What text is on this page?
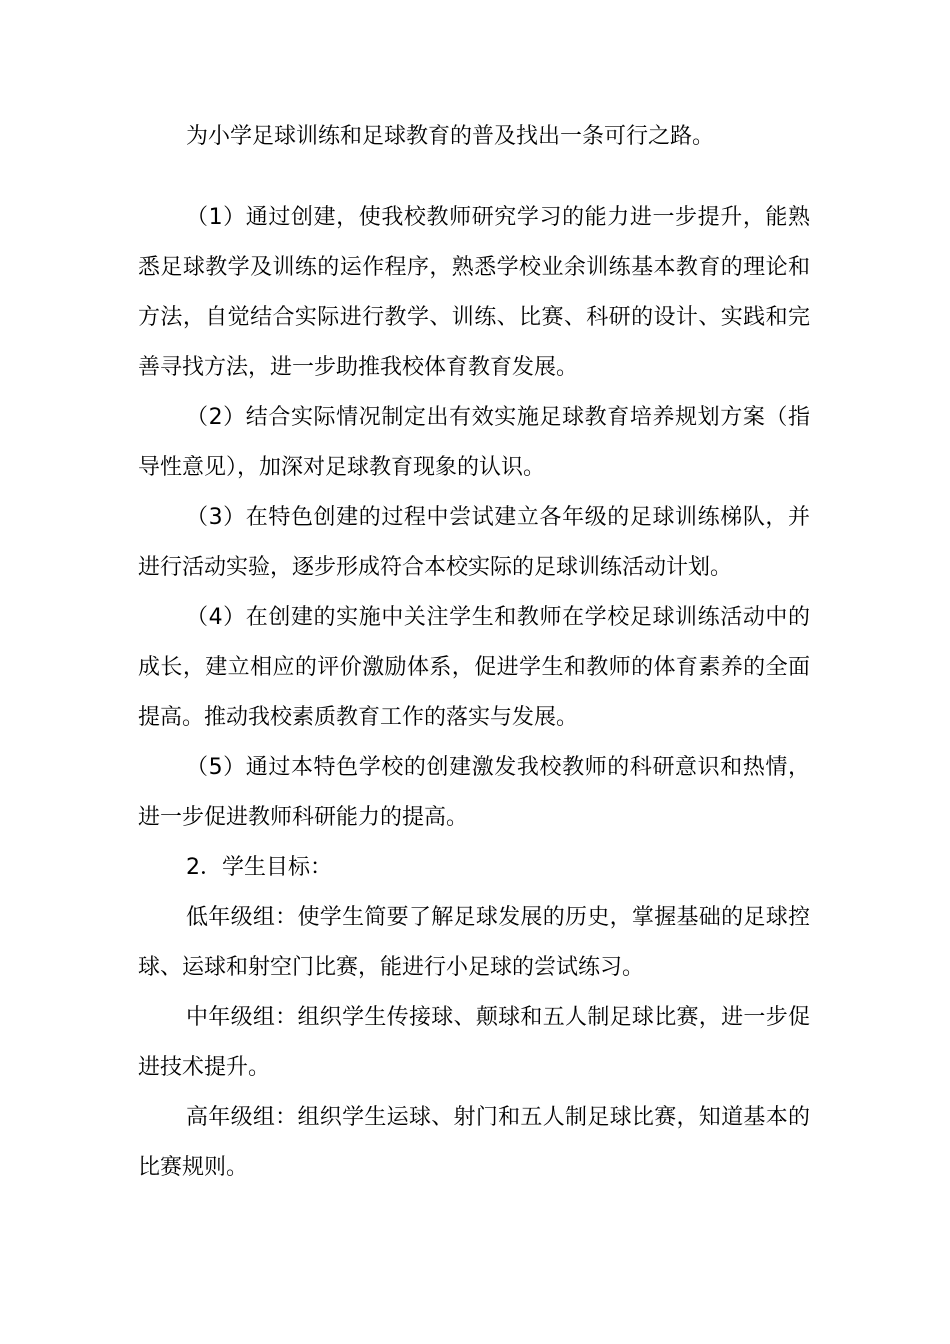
为小学足球训练和足球教育的普及找出一条可行之路。
（1）通过创建，使我校教师研究学习的能力进一步提升，能熟
悉足球教学及训练的运作程序，熟悉学校业余训练基本教育的理论和
方法，自觉结合实际进行教学、训练、比赛、科研的设计、实践和完
善寻找方法，进一步助推我校体育教育发展。
（2）结合实际情况制定出有效实施足球教育培养规划方案（指
导性意见），加深对足球教育现象的认识。
（3）在特色创建的过程中尝试建立各年级的足球训练梯队，并
进行活动实验，逐步形成符合本校实际的足球训练活动计划。
（4）在创建的实施中关注学生和教师在学校足球训练活动中的
成长，建立相应的评价激励体系，促进学生和教师的体育素养的全面
提高。推动我校素质教育工作的落实与发展。
（5）通过本特色学校的创建激发我校教师的科研意识和热情，
进一步促进教师科研能力的提高。
2．学生目标：
低年级组：使学生简要了解足球发展的历史，掌握基础的足球控
球、运球和射空门比赛，能进行小足球的尝试练习。
中年级组：组织学生传接球、颠球和五人制足球比赛，进一步促
进技术提升。
高年级组：组织学生运球、射门和五人制足球比赛，知道基本的
比赛规则。
